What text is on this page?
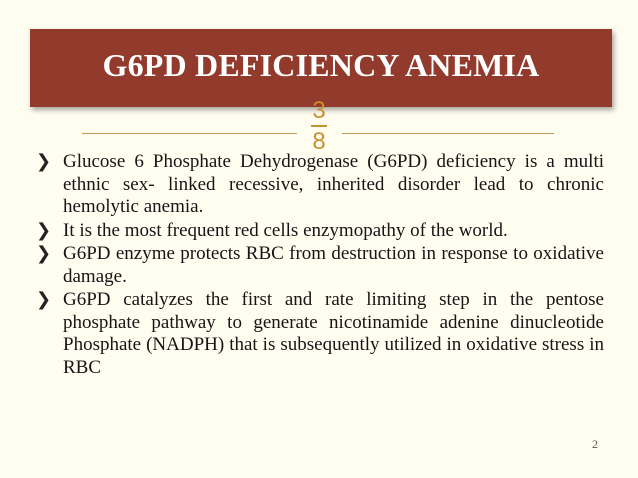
G6PD DEFICIENCY ANEMIA
3
8
❯ Glucose 6 Phosphate Dehydrogenase (G6PD) deficiency is a multi ethnic sex- linked recessive, inherited disorder lead to chronic hemolytic anemia.
❯ It is the most frequent red cells enzymopathy of the world.
❯ G6PD enzyme protects RBC from destruction in response to oxidative damage.
❯ G6PD catalyzes the first and rate limiting step in the pentose phosphate pathway to generate nicotinamide adenine dinucleotide Phosphate (NADPH) that is subsequently utilized in oxidative stress in RBC
2
